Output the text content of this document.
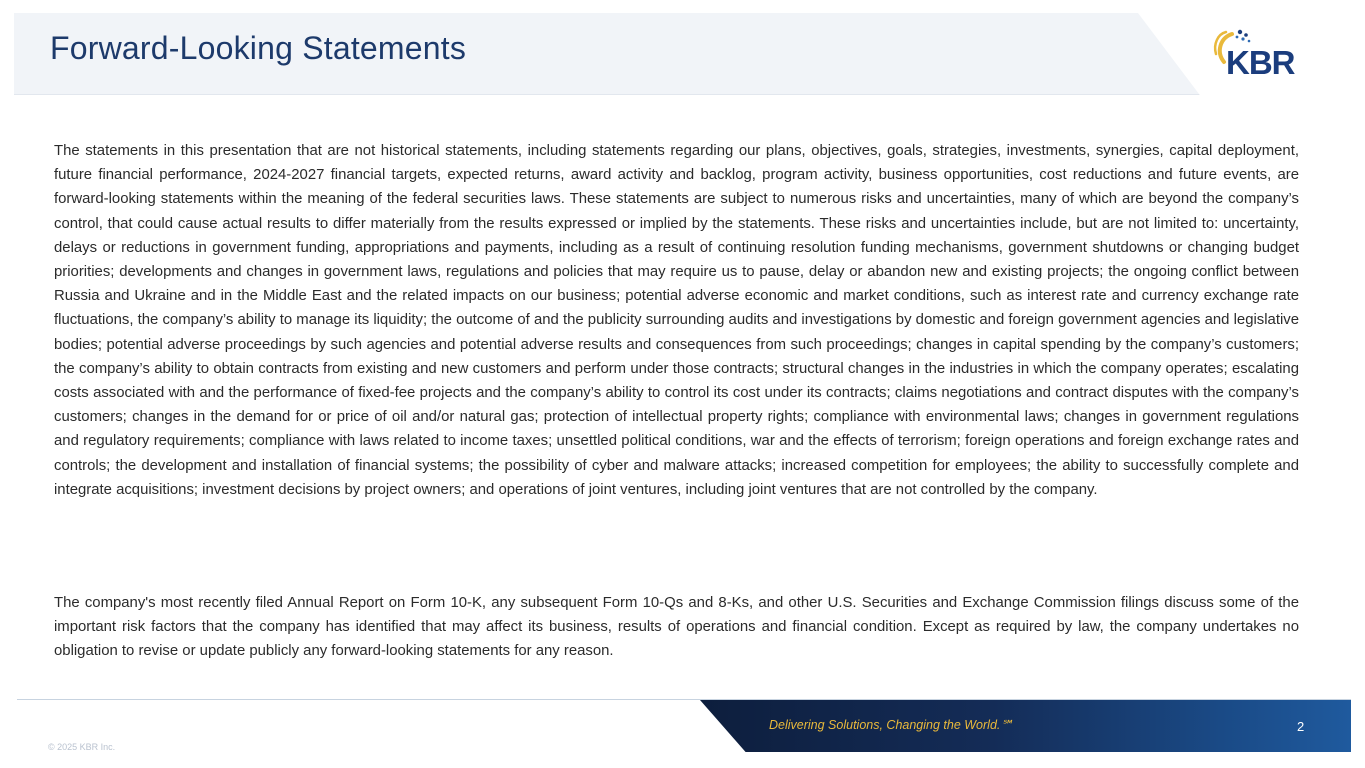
Forward-Looking Statements	KBR

The statements in this presentation that are not historical statements, including statements regarding our plans, objectives, goals, strategies, investments, synergies, capital deployment, future financial performance, 2024-2027 financial targets, expected returns, award activity and backlog, program activity, business opportunities, cost reductions and future events, are forward-looking statements within the meaning of the federal securities laws. These statements are subject to numerous risks and uncertainties, many of which are beyond the company’s control, that could cause actual results to differ materially from the results expressed or implied by the statements. These risks and uncertainties include, but are not limited to: uncertainty, delays or reductions in government funding, appropriations and payments, including as a result of continuing resolution funding mechanisms, government shutdowns or changing budget priorities; developments and changes in government laws, regulations and policies that may require us to pause, delay or abandon new and existing projects; the ongoing conflict between Russia and Ukraine and in the Middle East and the related impacts on our business; potential adverse economic and market conditions, such as interest rate and currency exchange rate fluctuations, the company’s ability to manage its liquidity; the outcome of and the publicity surrounding audits and investigations by domestic and foreign government agencies and legislative bodies; potential adverse proceedings by such agencies and potential adverse results and consequences from such proceedings; changes in capital spending by the company’s customers; the company’s ability to obtain contracts from existing and new customers and perform under those contracts; structural changes in the industries in which the company operates; escalating costs associated with and the performance of fixed-fee projects and the company’s ability to control its cost under its contracts; claims negotiations and contract disputes with the company’s customers; changes in the demand for or price of oil and/or natural gas; protection of intellectual property rights; compliance with environmental laws; changes in government regulations and regulatory requirements; compliance with laws related to income taxes; unsettled political conditions, war and the effects of terrorism; foreign operations and foreign exchange rates and controls; the development and installation of financial systems; the possibility of cyber and malware attacks; increased competition for employees; the ability to successfully complete and integrate acquisitions; investment decisions by project owners; and operations of joint ventures, including joint ventures that are not controlled by the company.

The company's most recently filed Annual Report on Form 10-K, any subsequent Form 10-Qs and 8-Ks, and other U.S. Securities and Exchange Commission filings discuss some of the important risk factors that the company has identified that may affect its business, results of operations and financial condition. Except as required by law, the company undertakes no obligation to revise or update publicly any forward-looking statements for any reason.

Delivering Solutions, Changing the World.℠	2
© 2025 KBR Inc.
